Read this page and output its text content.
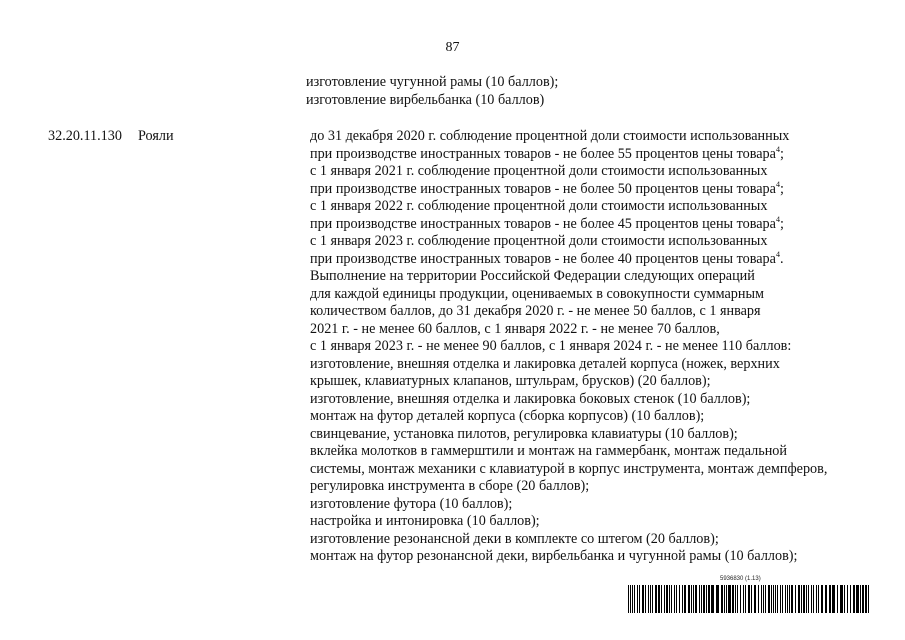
87
изготовление чугунной рамы (10 баллов);
изготовление вирбельбанка (10 баллов)
32.20.11.130 Рояли	до 31 декабря 2020 г. соблюдение процентной доли стоимости использованных
при производстве иностранных товаров - не более 55 процентов цены товара$^4$;
с 1 января 2021 г. соблюдение процентной доли стоимости использованных
при производстве иностранных товаров - не более 50 процентов цены товара$^4$;
с 1 января 2022 г. соблюдение процентной доли стоимости использованных
при производстве иностранных товаров - не более 45 процентов цены товара$^4$;
с 1 января 2023 г. соблюдение процентной доли стоимости использованных
при производстве иностранных товаров - не более 40 процентов цены товара$^4$.
Выполнение на территории Российской Федерации следующих операций
для каждой единицы продукции, оцениваемых в совокупности суммарным
количеством баллов, до 31 декабря 2020 г. - не менее 50 баллов, с 1 января
2021 г. - не менее 60 баллов, с 1 января 2022 г. - не менее 70 баллов,
с 1 января 2023 г. - не менее 90 баллов, с 1 января 2024 г. - не менее 110 баллов:
изготовление, внешняя отделка и лакировка деталей корпуса (ножек, верхних
крышек, клавиатурных клапанов, штульрам, брусков) (20 баллов);
изготовление, внешняя отделка и лакировка боковых стенок (10 баллов);
монтаж на футор деталей корпуса (сборка корпусов) (10 баллов);
свинцевание, установка пилотов, регулировка клавиатуры (10 баллов);
вклейка молотков в гаммерштили и монтаж на гаммербанк, монтаж педальной
системы, монтаж механики с клавиатурой в корпус инструмента, монтаж демпферов,
регулировка инструмента в сборе (20 баллов);
изготовление футора (10 баллов);
настройка и интонировка (10 баллов);
изготовление резонансной деки в комплекте со штегом (20 баллов);
монтаж на футор резонансной деки, вирбельбанка и чугунной рамы (10 баллов);
5936830 (1.13)
